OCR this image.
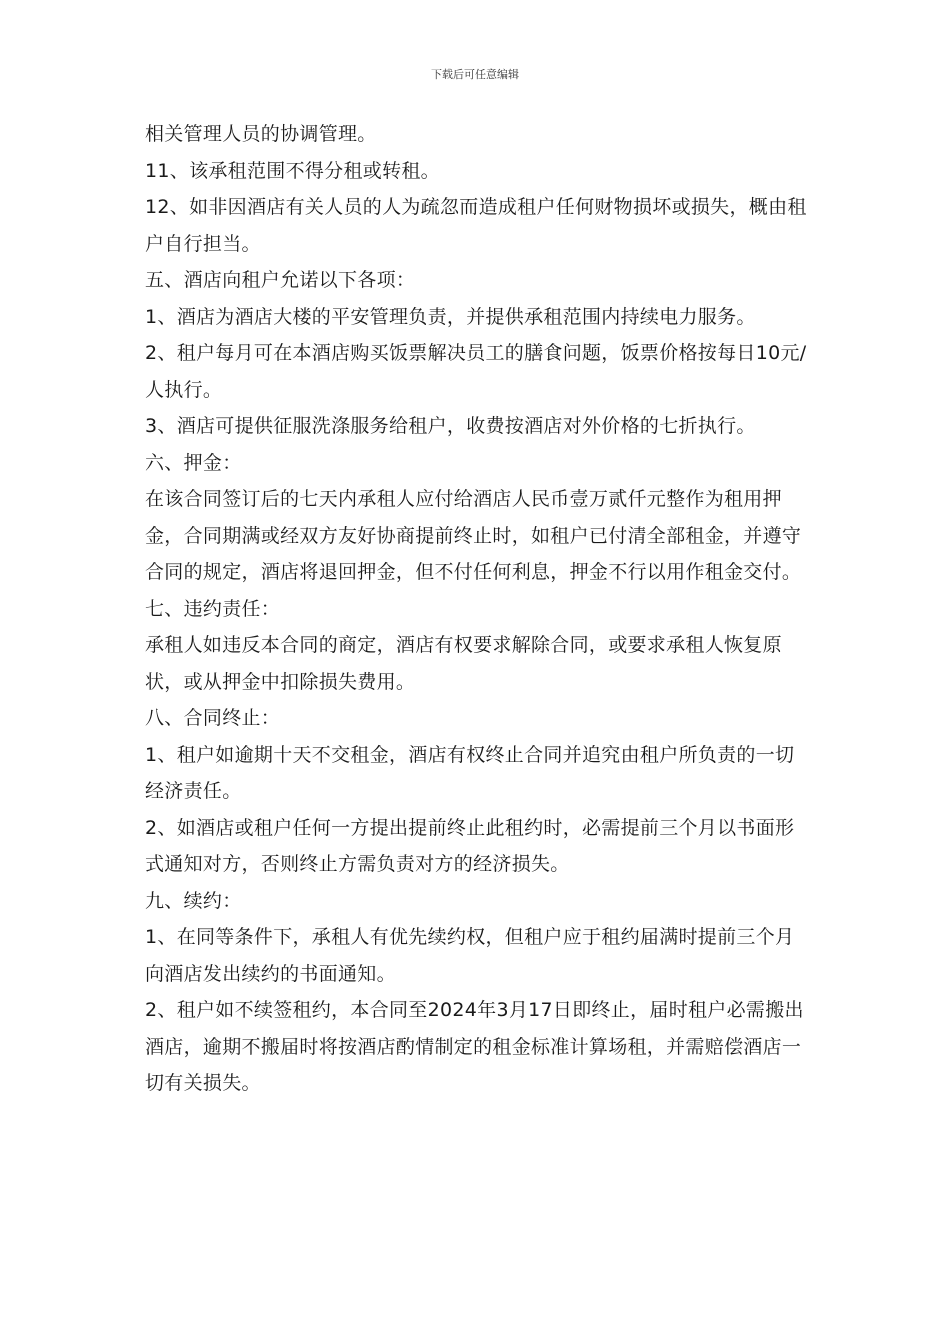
下载后可任意编辑

相关管理人员的协调管理。

11、该承租范围不得分租或转租。

12、如非因酒店有关人员的人为疏忽而造成租户任何财物损坏或损失，概由租户自行担当。

五、酒店向租户允诺以下各项：

1、酒店为酒店大楼的平安管理负责，并提供承租范围内持续电力服务。

2、租户每月可在本酒店购买饭票解决员工的膳食问题，饭票价格按每日10元/人执行。

3、酒店可提供征服洗涤服务给租户，收费按酒店对外价格的七折执行。

六、押金：

在该合同签订后的七天内承租人应付给酒店人民币壹万贰仟元整作为租用押金，合同期满或经双方友好协商提前终止时，如租户已付清全部租金，并遵守合同的规定，酒店将退回押金，但不付任何利息，押金不行以用作租金交付。

七、违约责任：

承租人如违反本合同的商定，酒店有权要求解除合同，或要求承租人恢复原状，或从押金中扣除损失费用。

八、合同终止：

1、租户如逾期十天不交租金，酒店有权终止合同并追究由租户所负责的一切经济责任。

2、如酒店或租户任何一方提出提前终止此租约时，必需提前三个月以书面形式通知对方，否则终止方需负责对方的经济损失。

九、续约：

1、在同等条件下，承租人有优先续约权，但租户应于租约届满时提前三个月向酒店发出续约的书面通知。

2、租户如不续签租约，本合同至2024年3月17日即终止，届时租户必需搬出酒店，逾期不搬届时将按酒店酌情制定的租金标准计算场租，并需赔偿酒店一切有关损失。
